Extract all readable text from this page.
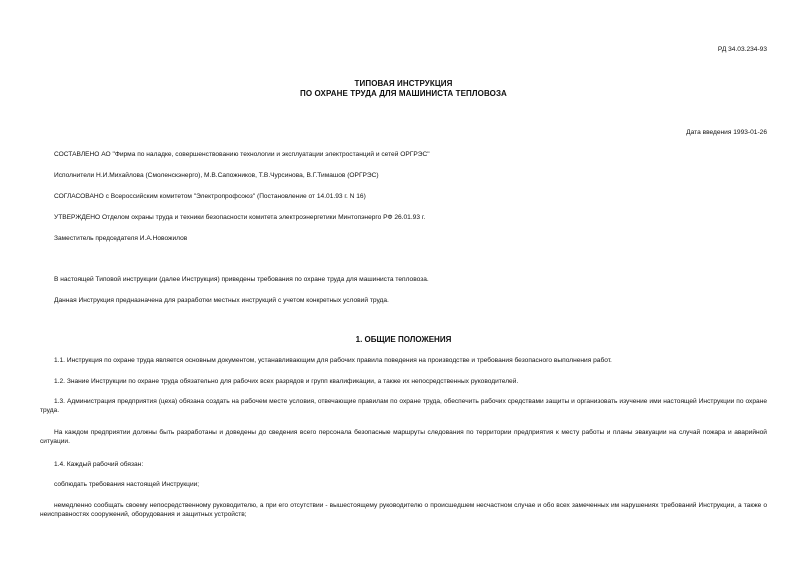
РД 34.03.234-93
ТИПОВАЯ ИНСТРУКЦИЯ
ПО ОХРАНЕ ТРУДА ДЛЯ МАШИНИСТА ТЕПЛОВОЗА
Дата введения 1993-01-26
СОСТАВЛЕНО АО "Фирма по наладке, совершенствованию технологии и эксплуатации электростанций и сетей ОРГРЭС"
Исполнители Н.И.Михайлова (Смоленскэнерго), М.В.Сапожников, Т.В.Чурсинова, В.Г.Тимашов (ОРГРЭС)
СОГЛАСОВАНО с Всероссийским комитетом "Электропрофсоюз" (Постановление от 14.01.93 г. N 16)
УТВЕРЖДЕНО Отделом охраны труда и техники безопасности комитета электроэнергетики Минтопэнерго РФ 26.01.93 г.
Заместитель председателя И.А.Новожилов
В настоящей Типовой инструкции (далее Инструкция) приведены требования по охране труда для машиниста тепловоза.
Данная Инструкция предназначена для разработки местных инструкций с учетом конкретных условий труда.
1. ОБЩИЕ ПОЛОЖЕНИЯ
1.1. Инструкция по охране труда является основным документом, устанавливающим для рабочих правила поведения на производстве и требования безопасного выполнения работ.
1.2. Знание Инструкции по охране труда обязательно для рабочих всех разрядов и групп квалификации, а также их непосредственных руководителей.
1.3. Администрация предприятия (цеха) обязана создать на рабочем месте условия, отвечающие правилам по охране труда, обеспечить рабочих средствами защиты и организовать изучение ими настоящей Инструкции по охране труда.
На каждом предприятии должны быть разработаны и доведены до сведения всего персонала безопасные маршруты следования по территории предприятия к месту работы и планы эвакуации на случай пожара и аварийной ситуации.
1.4. Каждый рабочий обязан:
соблюдать требования настоящей Инструкции;
немедленно сообщать своему непосредственному руководителю, а при его отсутствии - вышестоящему руководителю о происшедшем несчастном случае и обо всех замеченных им нарушениях требований Инструкции, а также о неисправностях сооружений, оборудования и защитных устройств;
